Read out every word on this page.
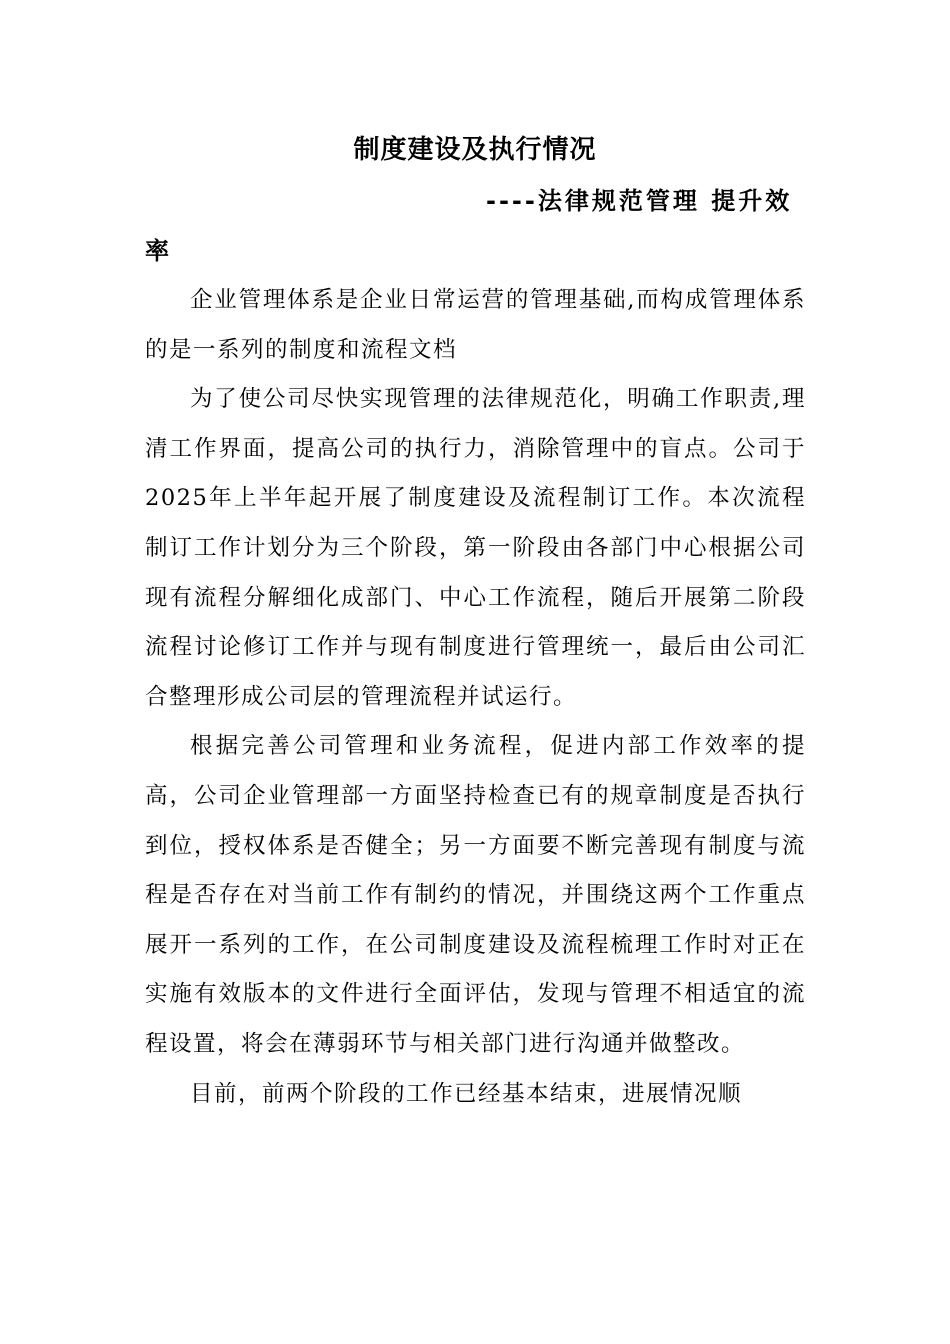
制度建设及执行情况

----法律规范管理 提升效率

企业管理体系是企业日常运营的管理基础,而构成管理体系的是一系列的制度和流程文档

为了使公司尽快实现管理的法律规范化，明确工作职责,理清工作界面，提高公司的执行力，消除管理中的盲点。公司于2025年上半年起开展了制度建设及流程制订工作。本次流程制订工作计划分为三个阶段，第一阶段由各部门中心根据公司现有流程分解细化成部门、中心工作流程，随后开展第二阶段流程讨论修订工作并与现有制度进行管理统一，最后由公司汇合整理形成公司层的管理流程并试运行。

根据完善公司管理和业务流程，促进内部工作效率的提高，公司企业管理部一方面坚持检查已有的规章制度是否执行到位，授权体系是否健全；另一方面要不断完善现有制度与流程是否存在对当前工作有制约的情况，并围绕这两个工作重点展开一系列的工作，在公司制度建设及流程梳理工作时对正在实施有效版本的文件进行全面评估，发现与管理不相适宜的流程设置，将会在薄弱环节与相关部门进行沟通并做整改。

目前，前两个阶段的工作已经基本结束，进展情况顺
